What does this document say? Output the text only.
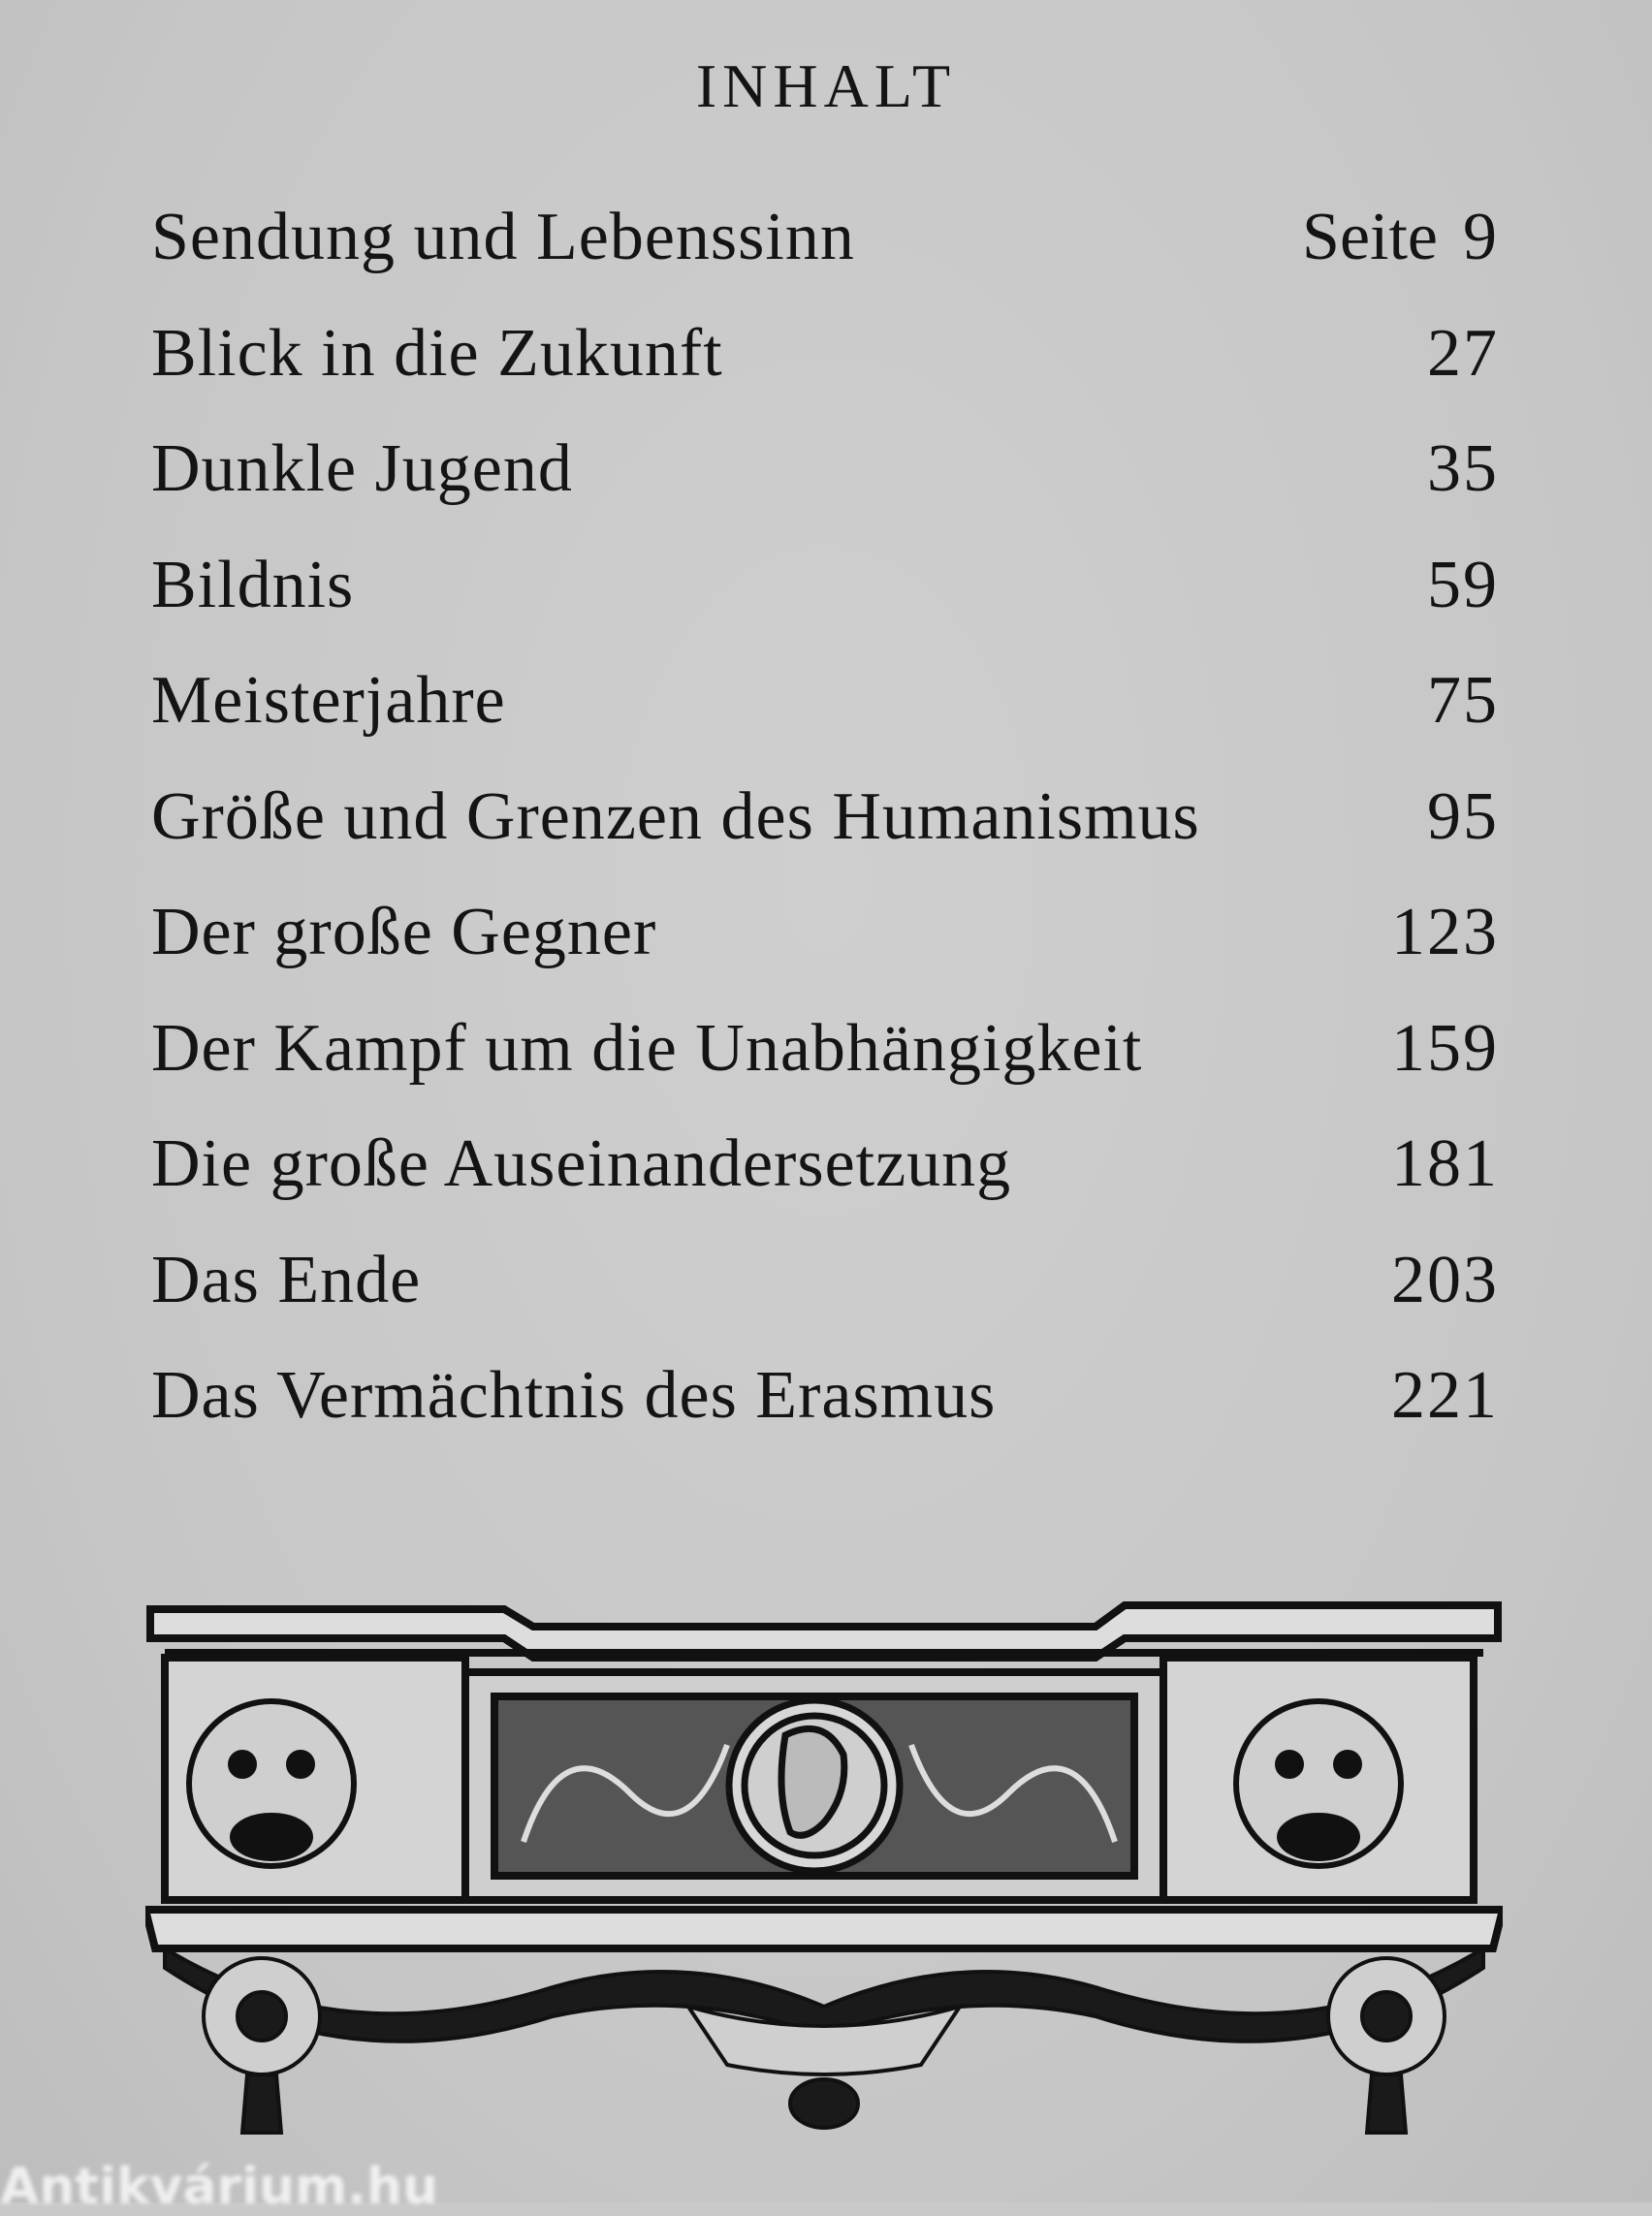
INHALT
Sendung und Lebenssinn	Seite 9
Blick in die Zukunft	27
Dunkle Jugend	35
Bildnis	59
Meisterjahre	75
Größe und Grenzen des Humanismus	95
Der große Gegner	123
Der Kampf um die Unabhängigkeit	159
Die große Auseinandersetzung	181
Das Ende	203
Das Vermächtnis des Erasmus	221
Antikvárium.hu
